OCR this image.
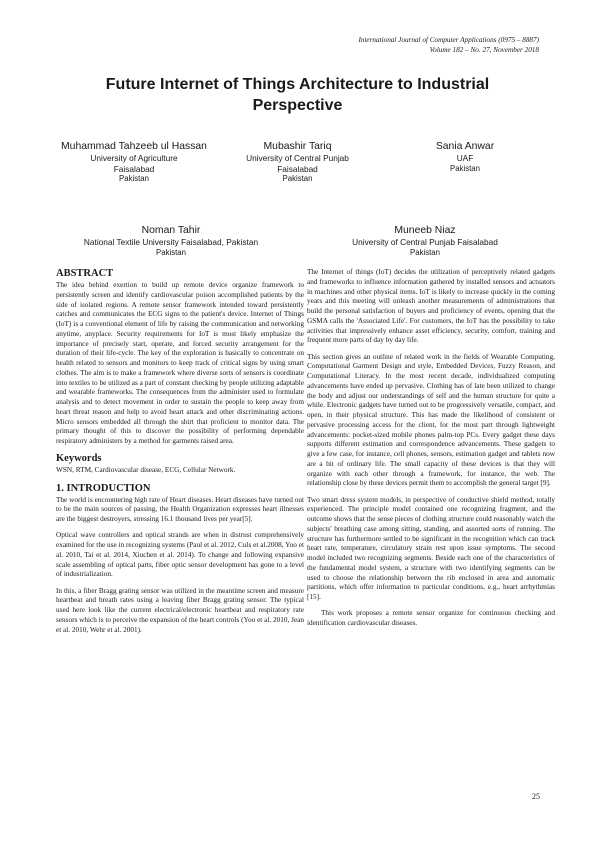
International Journal of Computer Applications (0975 – 8887)
Volume 182 – No. 27, November 2018
Future Internet of Things Architecture to Industrial Perspective
Muhammad Tahzeeb ul Hassan
University of Agriculture Faisalabad
Pakistan
Mubashir Tariq
University of Central Punjab Faisalabad
Pakistan
Sania Anwar
UAF
Pakistan
Noman Tahir
National Textile University Faisalabad, Pakistan
Pakistan
Muneeb Niaz
University of Central Punjab Faisalabad
Pakistan
ABSTRACT

The idea behind exertion to build up remote device organize framework to persistently screen and identify cardiovascular poison accomplished patients by the side of isolated regions. A remote sensor framework intended toward persistently catches and communicates the ECG signs to the patient's device. Internet of Things (IoT) is a conventional element of life by raising the communication and networking anytime, anyplace. Security requirements for IoT is most likely emphasize the importance of precisely start, operate, and forced security arrangement for the duration of their life-cycle. The key of the exploration is basically to concentrate on health related to sensors and monitors to keep track of critical signs by using smart clothes. The aim is to make a framework where diverse sorts of sensors is coordinate into textiles to be utilized as a part of constant checking by people utilizing adaptable and wearable frameworks. The consequences from the administer used to formulate analysis and to detect movement in order to sustain the people to keep away from heart threat reason and help to avoid heart attack and other discriminating actions. Micro sensors embedded all through the shirt that proficient to monitor data. The primary thought of this to discover the possibility of performing dependable respiratory administers by a method for garments raised area.

Keywords

WSN, RTM, Cardiovascular disease, ECG, Cellular Network.

1. INTRODUCTION

The world is encountering high rate of Heart diseases. Heart diseases have turned out to be the main sources of passing, the Health Organization expresses heart illnesses are the biggest destroyers, stressing 16.1 thousand lives per year[5].

Optical wave controllers and optical strands are when in distrust comprehensively examined for the use in recognizing systems (Paul et al. 2012, Culs et al.2008, Yoo et al. 2010, Tai et al. 2014, Xiuchen et al. 2014). To change and following expansive scale assembling of optical parts, fiber optic sensor development has gone to a level of industrialization.

In this, a fiber Bragg grating sensor was utilized in the meantime screen and measure heartbeat and breath rates using a leaving fiber Bragg grating sensor. The typical used here look like the current electrical/electronic heartbeat and respiratory rate sensors which is to perceive the expansion of the heart controls (Yoo et al. 2010, Jean et al. 2010, Wehr et al. 2001).

The Internet of things (IoT) decides the utilization of perceptively related gadgets and frameworks to influence information gathered by installed sensors and actuators in machines and other physical items. IoT is likely to increase quickly in the coming years and this meeting will unleash another measurements of administrations that build the personal satisfaction of buyers and proficiency of events, opening that the GSMA calls the 'Associated Life'. For customers, the IoT has the possibility to take activities that impressively enhance asset efficiency, security, comfort, training and frequent more parts of day by day life.

This section gives an outline of related work in the fields of Wearable Computing, Computational Garment Design and style, Embedded Devices, Fuzzy Reason, and Computational Literacy. In the most recent decade, individualized computing advancements have ended up pervasive. Clothing has of late been utilized to change the body and adjust our understandings of self and the human structure for quite a while. Electronic gadgets have turned out to be progressively versatile, compact, and open, in their physical structure. This has made the likelihood of consistent or pervasive processing access for the client, for the most part through lightweight advancements: pocket-sized mobile phones palm-top PCs. Every gadget these days supports different estimation and correspondence advancements. These gadgets to give a few case, for instance, cell phones, sensors, estimation gadget and tablets now are a bit of ordinary life. The small capacity of these devices is that they will organize with each other through a framework, for instance, the web. The relationship close by these devices permit them to accomplish the general target [9].

Two smart dress system models, in perspective of conductive shield method, totally experienced. The principle model contained one recognizing fragment, and the outcome shows that the sense pieces of clothing structure could reasonably watch the subjects' breathing case among sitting, standing, and assorted sorts of running. The structure has furthermore settled to be significant in the recognition which can track heart rate, temperature, circulatory strain rest upon issue symptoms. The second model included two recognizing segments. Beside each one of the characteristics of the fundamental model system, a structure with two identifying segments can be used to choose the relationship between the rib enclosed in area and automatic partitions, which offer information to particular conditions, e.g., heart arrhythmias [15].

This work proposes a remote sensor organize for continuous checking and identification cardiovascular diseases.

25
